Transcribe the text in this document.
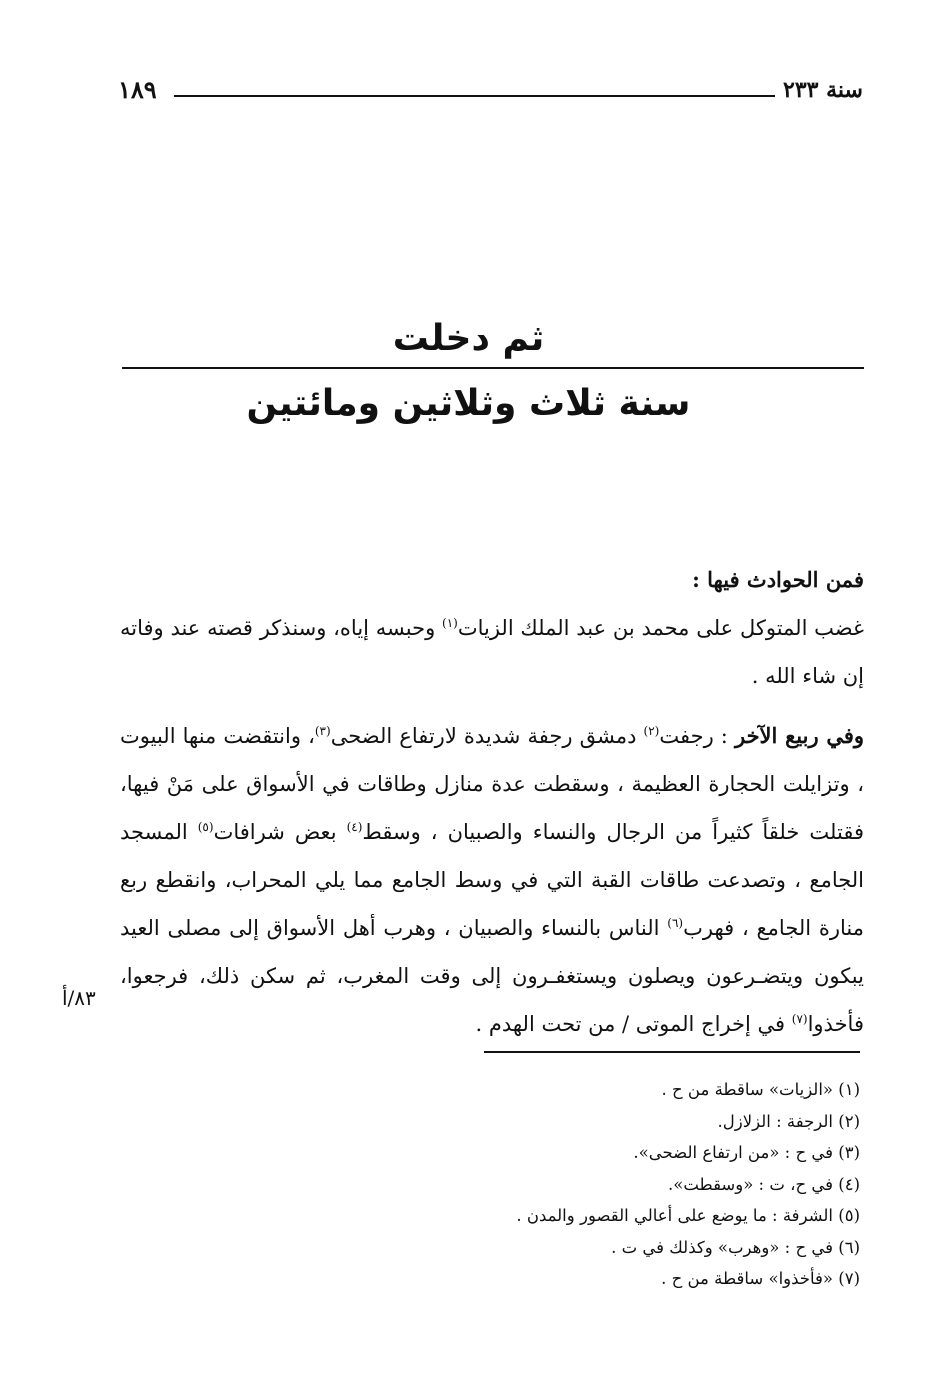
سنة ٢٣٣
١٨٩
ثم دخلت
سنة ثلاث وثلاثين ومائتين

فمن الحوادث فيها :

غضب المتوكل على محمد بن عبد الملك الزيات$^{(١)}$ وحبسه إياه، وسنذكر قصته عند وفاته إن شاء الله .

وفي ربيع الآخر : رجفت$^{(٢)}$ دمشق رجفة شديدة لارتفاع الضحى$^{(٣)}$، وانتقضت منها البيوت ، وتزايلت الحجارة العظيمة ، وسقطت عدة منازل وطاقات في الأسواق على مَنْ فيها، فقتلت خلقاً كثيراً من الرجال والنساء والصبيان ، وسقط$^{(٤)}$ بعض شرافات$^{(٥)}$ المسجد الجامع ، وتصدعت طاقات القبة التي في وسط الجامع مما يلي المحراب، وانقطع ربع منارة الجامع ، فهرب$^{(٦)}$ الناس بالنساء والصبيان ، وهرب أهل الأسواق إلى مصلى العيد يبكون ويتضـرعون ويصلون ويستغفـرون إلى وقت المغرب، ثم سكن ذلك، فرجعوا، فأخذوا$^{(٧)}$ في إخراج الموتى / من تحت الهدم .

٨٣/أ
(١) «الزيات» ساقطة من ح .
(٢) الرجفة : الزلازل.
(٣) في ح : «من ارتفاع الضحى».
(٤) في ح، ت : «وسقطت».
(٥) الشرفة : ما يوضع على أعالي القصور والمدن .
(٦) في ح : «وهرب» وكذلك في ت .
(٧) «فأخذوا» ساقطة من ح .
